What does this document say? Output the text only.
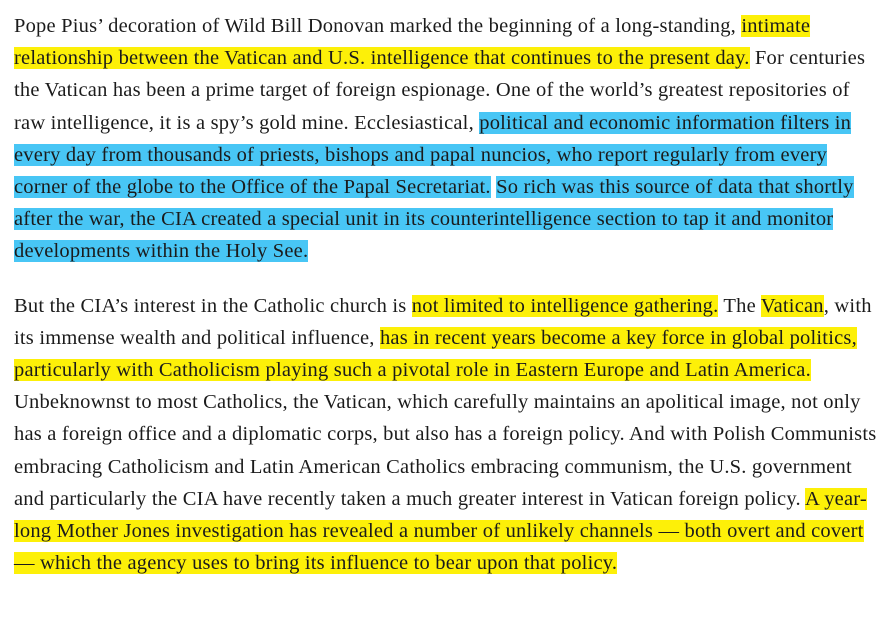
Pope Pius’ decoration of Wild Bill Donovan marked the beginning of a long-standing, intimate relationship between the Vatican and U.S. intelligence that continues to the present day. For centuries the Vatican has been a prime target of foreign espionage. One of the world’s greatest repositories of raw intelligence, it is a spy’s gold mine. Ecclesiastical, political and economic information filters in every day from thousands of priests, bishops and papal nuncios, who report regularly from every corner of the globe to the Office of the Papal Secretariat. So rich was this source of data that shortly after the war, the CIA created a special unit in its counterintelligence section to tap it and monitor developments within the Holy See.

But the CIA’s interest in the Catholic church is not limited to intelligence gathering. The Vatican, with its immense wealth and political influence, has in recent years become a key force in global politics, particularly with Catholicism playing such a pivotal role in Eastern Europe and Latin America. Unbeknownst to most Catholics, the Vatican, which carefully maintains an apolitical image, not only has a foreign office and a diplomatic corps, but also has a foreign policy. And with Polish Communists embracing Catholicism and Latin American Catholics embracing communism, the U.S. government and particularly the CIA have recently taken a much greater interest in Vatican foreign policy. A year-long Mother Jones investigation has revealed a number of unlikely channels — both overt and covert — which the agency uses to bring its influence to bear upon that policy.
